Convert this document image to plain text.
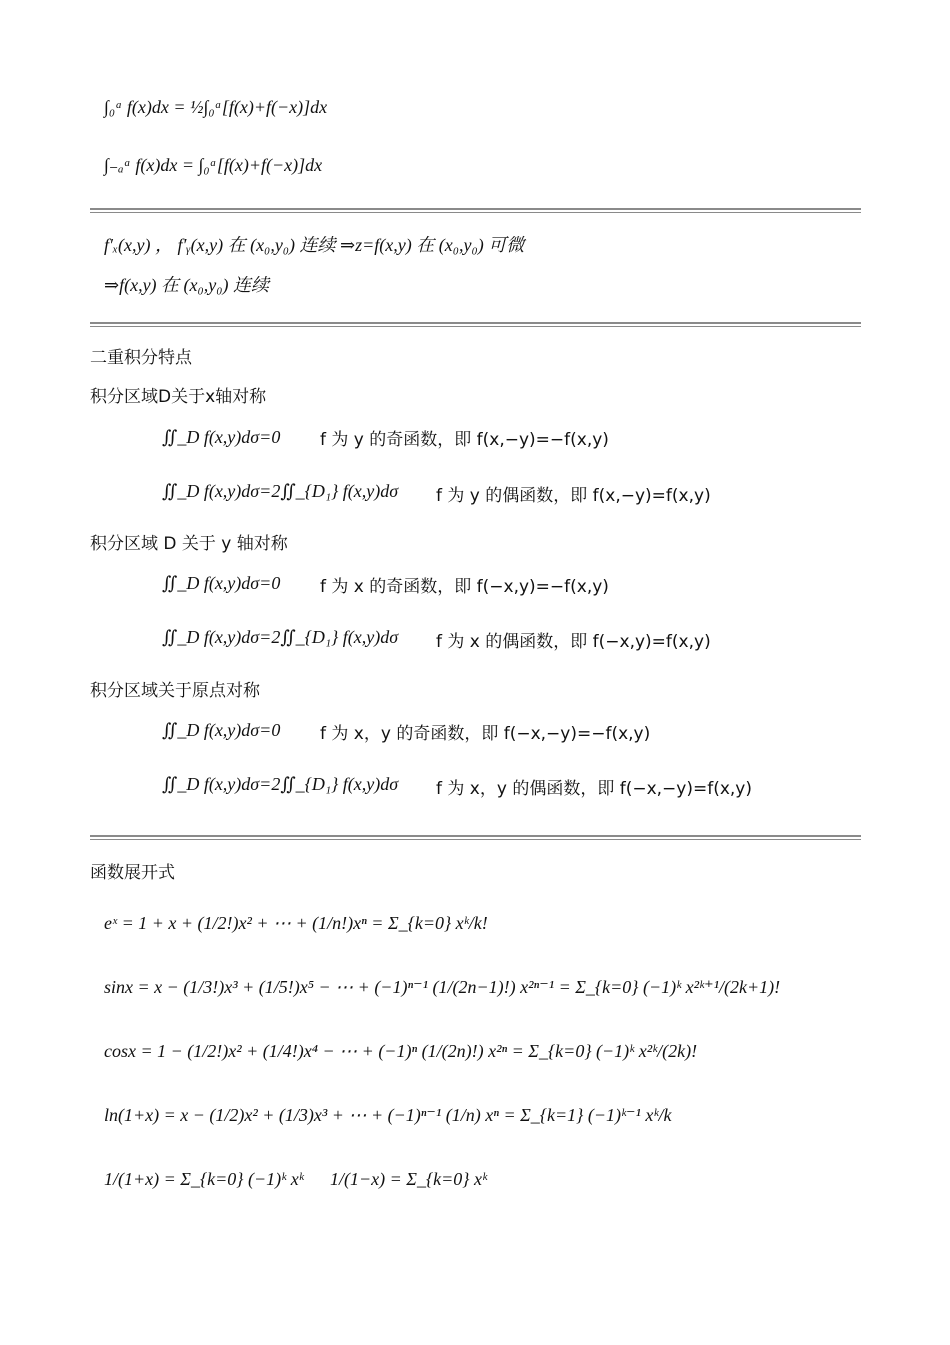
∫₀ᵃ f(x)dx = ½∫₀ᵃ[f(x)+f(−x)]dx
∫₋ₐᵃ f(x)dx = ∫₀ᵃ[f(x)+f(−x)]dx
f′ₓ(x,y) ， f′ᵧ(x,y) 在 (x₀,y₀) 连续 ⇒z=f(x,y) 在 (x₀,y₀) 可微
⇒f(x,y) 在 (x₀,y₀) 连续
二重积分特点
积分区域D关于x轴对称
∬_D f(x,y)dσ=0 f 为 y 的奇函数，即 f(x,−y)=−f(x,y)
∬_D f(x,y)dσ=2∬_{D₁} f(x,y)dσ f 为 y 的偶函数，即 f(x,−y)=f(x,y)
积分区域 D 关于 y 轴对称
∬_D f(x,y)dσ=0 f 为 x 的奇函数，即 f(−x,y)=−f(x,y)
∬_D f(x,y)dσ=2∬_{D₁} f(x,y)dσ f 为 x 的偶函数，即 f(−x,y)=f(x,y)
积分区域关于原点对称
∬_D f(x,y)dσ=0 f 为 x，y 的奇函数，即 f(−x,−y)=−f(x,y)
∬_D f(x,y)dσ=2∬_{D₁} f(x,y)dσ f 为 x，y 的偶函数，即 f(−x,−y)=f(x,y)
函数展开式
eˣ = 1 + x + (1/2!)x² + ⋯ + (1/n!)xⁿ = Σ_{k=0} xᵏ/k!
sinx = x − (1/3!)x³ + (1/5!)x⁵ − ⋯ + (−1)ⁿ⁻¹ (1/(2n−1)!) x²ⁿ⁻¹ = Σ_{k=0} (−1)ᵏ x²ᵏ⁺¹/(2k+1)!
cosx = 1 − (1/2!)x² + (1/4!)x⁴ − ⋯ + (−1)ⁿ (1/(2n)!) x²ⁿ = Σ_{k=0} (−1)ᵏ x²ᵏ/(2k)!
ln(1+x) = x − (1/2)x² + (1/3)x³ + ⋯ + (−1)ⁿ⁻¹ (1/n) xⁿ = Σ_{k=1} (−1)ᵏ⁻¹ xᵏ/k
1/(1+x) = Σ_{k=0} (−1)ᵏ xᵏ 1/(1−x) = Σ_{k=0} xᵏ
